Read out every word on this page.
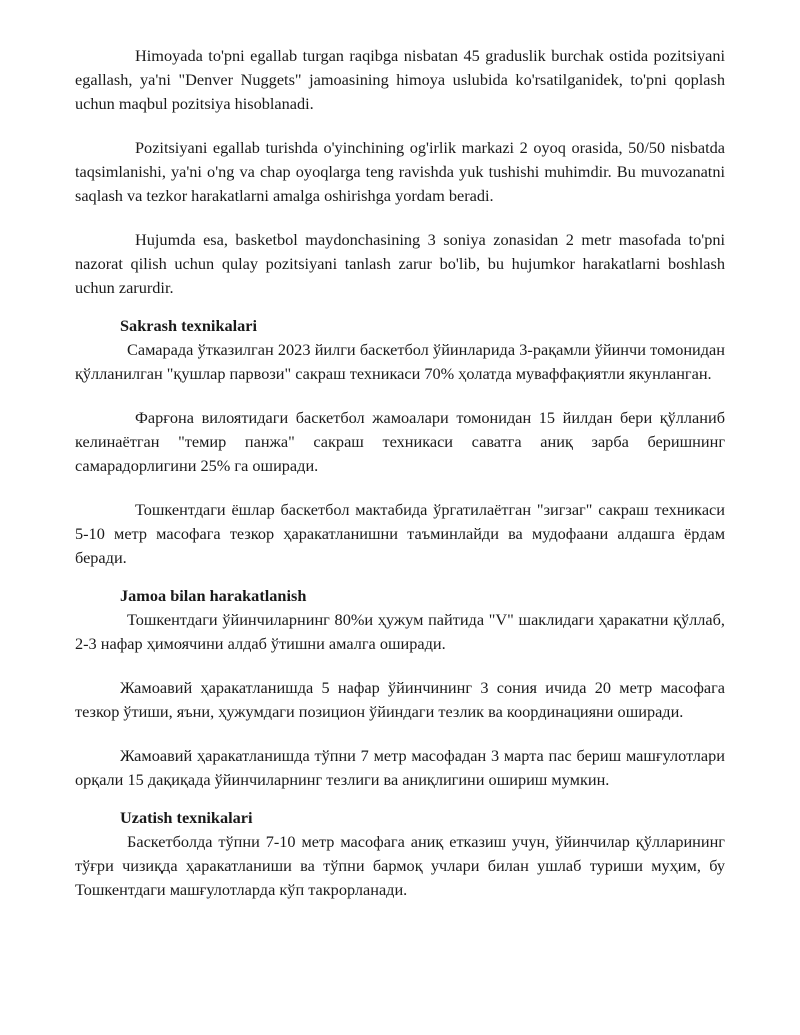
Himoyada to'pni egallab turgan raqibga nisbatan 45 graduslik burchak ostida pozitsiyani egallash, ya'ni "Denver Nuggets" jamoasining himoya uslubida ko'rsatilganidek, to'pni qoplash uchun maqbul pozitsiya hisoblanadi.

Pozitsiyani egallab turishda o'yinchining og'irlik markazi 2 oyoq orasida, 50/50 nisbatda taqsimlanishi, ya'ni o'ng va chap oyoqlarga teng ravishda yuk tushishi muhimdir. Bu muvozanatni saqlash va tezkor harakatlarni amalga oshirishga yordam beradi.

Hujumda esa, basketbol maydonchasining 3 soniya zonasidan 2 metr masofada to'pni nazorat qilish uchun qulay pozitsiyani tanlash zarur bo'lib, bu hujumkor harakatlarni boshlash uchun zarurdir.

Sakrash texnikalari

Самарада ўтказилган 2023 йилги баскетбол ўйинларида 3-рақамли ўйинчи томонидан қўлланилган "қушлар парвози" сакраш техникаси 70% ҳолатда муваффақиятли якунланган.

Фарғона вилоятидаги баскетбол жамоалари томонидан 15 йилдан бери қўлланиб келинаётган "темир панжа" сакраш техникаси саватга аниқ зарба беришнинг самарадорлигини 25% га оширади.

Тошкентдаги ёшлар баскетбол мактабида ўргатилаётган "зигзаг" сакраш техникаси 5-10 метр масофага тезкор ҳаракатланишни таъминлайди ва мудофаани алдашга ёрдам беради.

Jamoa bilan harakatlanish

Тошкентдаги ўйинчиларнинг 80%и ҳужум пайтида "V" шаклидаги ҳаракатни қўллаб, 2-3 нафар ҳимоячини алдаб ўтишни амалга оширади.

Жамоавий ҳаракатланишда 5 нафар ўйинчининг 3 сония ичида 20 метр масофага тезкор ўтиши, яъни, ҳужумдаги позицион ўйиндаги тезлик ва координацияни оширади.

Жамоавий ҳаракатланишда тўпни 7 метр масофадан 3 марта пас бериш машғулотлари орқали 15 дақиқада ўйинчиларнинг тезлиги ва аниқлигини ошириш мумкин.

Uzatish texnikalari

Баскетболда тўпни 7-10 метр масофага аниқ етказиш учун, ўйинчилар қўлларининг тўғри чизиқда ҳаракатланиши ва тўпни бармоқ учлари билан ушлаб туриши муҳим, бу Тошкентдаги машғулотларда кўп такрорланади.
